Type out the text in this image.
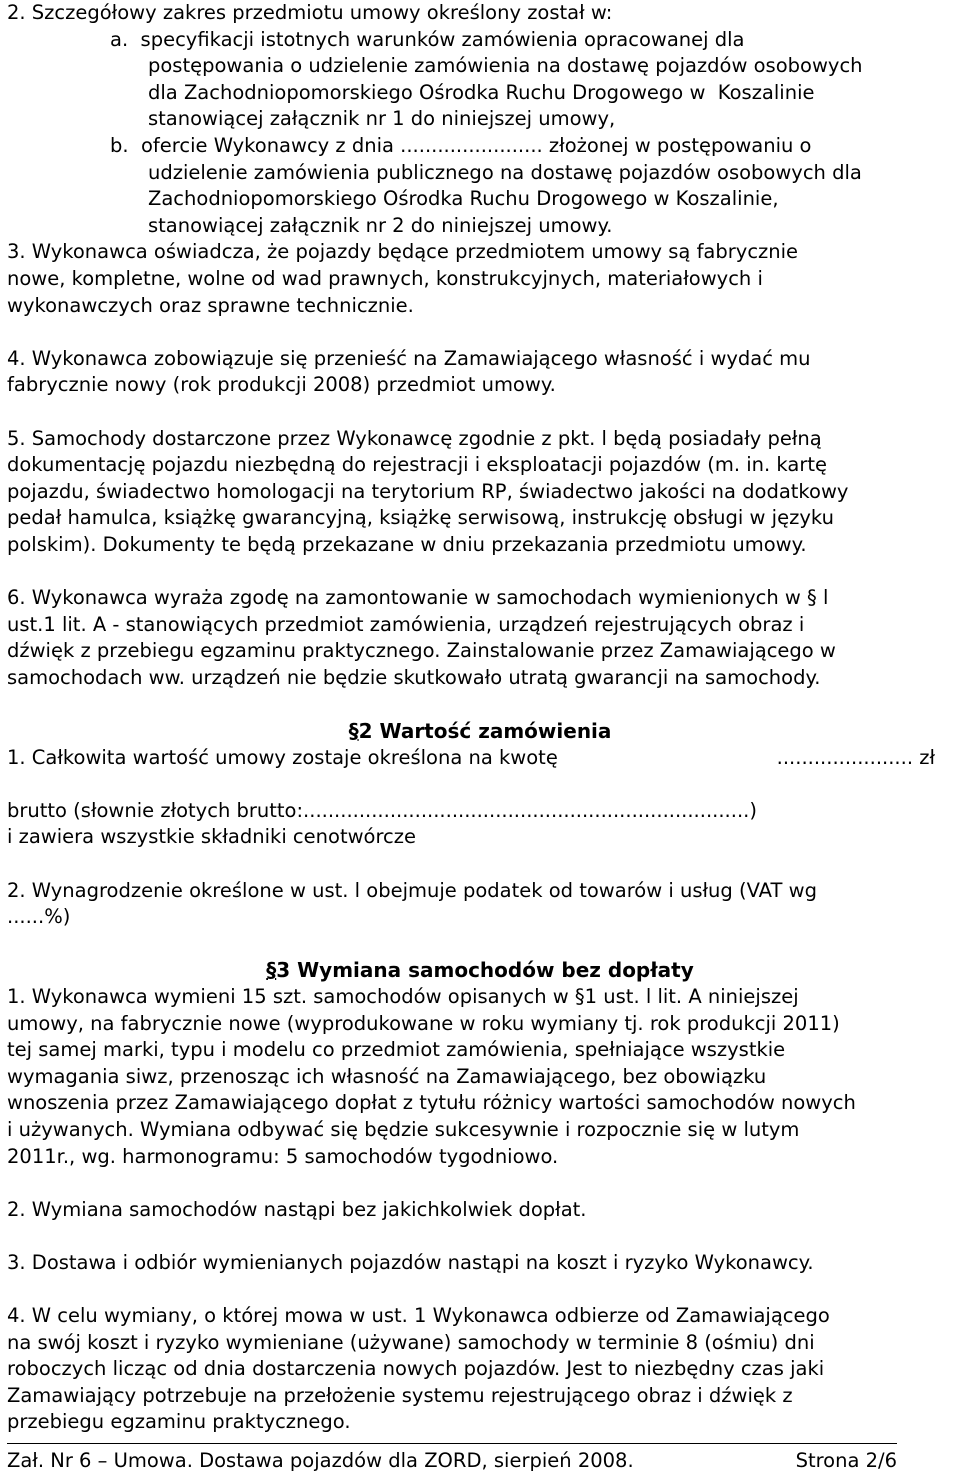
2. Szczegółowy zakres przedmiotu umowy określony został w:
a.  specyfikacji istotnych warunków zamówienia opracowanej dla
postępowania o udzielenie zamówienia na dostawę pojazdów osobowych
dla Zachodniopomorskiego Ośrodka Ruchu Drogowego w  Koszalinie
stanowiącej załącznik nr 1 do niniejszej umowy,
b.  ofercie Wykonawcy z dnia ....................... złożonej w postępowaniu o
udzielenie zamówienia publicznego na dostawę pojazdów osobowych dla
Zachodniopomorskiego Ośrodka Ruchu Drogowego w Koszalinie,
stanowiącej załącznik nr 2 do niniejszej umowy.
3. Wykonawca oświadcza, że pojazdy będące przedmiotem umowy są fabrycznie
nowe, kompletne, wolne od wad prawnych, konstrukcyjnych, materiałowych i
wykonawczych oraz sprawne technicznie.
4. Wykonawca zobowiązuje się przenieść na Zamawiającego własność i wydać mu
fabrycznie nowy (rok produkcji 2008) przedmiot umowy.
5. Samochody dostarczone przez Wykonawcę zgodnie z pkt. l będą posiadały pełną
dokumentację pojazdu niezbędną do rejestracji i eksploatacji pojazdów (m. in. kartę
pojazdu, świadectwo homologacji na terytorium RP, świadectwo jakości na dodatkowy
pedał hamulca, książkę gwarancyjną, książkę serwisową, instrukcję obsługi w języku
polskim). Dokumenty te będą przekazane w dniu przekazania przedmiotu umowy.
6. Wykonawca wyraża zgodę na zamontowanie w samochodach wymienionych w § l
ust.1 lit. A - stanowiących przedmiot zamówienia, urządzeń rejestrujących obraz i
dźwięk z przebiegu egzaminu praktycznego. Zainstalowanie przez Zamawiającego w
samochodach ww. urządzeń nie będzie skutkowało utratą gwarancji na samochody.
§2 Wartość zamówienia
1. Całkowita wartość umowy zostaje określona na kwotę	...................... zł
brutto (słownie złotych brutto:........................................................................)
i zawiera wszystkie składniki cenotwórcze
2. Wynagrodzenie określone w ust. l obejmuje podatek od towarów i usług (VAT wg
......%)
§3 Wymiana samochodów bez dopłaty
1. Wykonawca wymieni 15 szt. samochodów opisanych w §1 ust. l lit. A niniejszej
umowy, na fabrycznie nowe (wyprodukowane w roku wymiany tj. rok produkcji 2011)
tej samej marki, typu i modelu co przedmiot zamówienia, spełniające wszystkie
wymagania siwz, przenosząc ich własność na Zamawiającego, bez obowiązku
wnoszenia przez Zamawiającego dopłat z tytułu różnicy wartości samochodów nowych
i używanych. Wymiana odbywać się będzie sukcesywnie i rozpocznie się w lutym
2011r., wg. harmonogramu: 5 samochodów tygodniowo.
2. Wymiana samochodów nastąpi bez jakichkolwiek dopłat.
3. Dostawa i odbiór wymienianych pojazdów nastąpi na koszt i ryzyko Wykonawcy.
4. W celu wymiany, o której mowa w ust. 1 Wykonawca odbierze od Zamawiającego
na swój koszt i ryzyko wymieniane (używane) samochody w terminie 8 (ośmiu) dni
roboczych licząc od dnia dostarczenia nowych pojazdów. Jest to niezbędny czas jaki
Zamawiający potrzebuje na przełożenie systemu rejestrującego obraz i dźwięk z
przebiegu egzaminu praktycznego.
Zał. Nr 6 – Umowa. Dostawa pojazdów dla ZORD, sierpień 2008.	Strona 2/6
